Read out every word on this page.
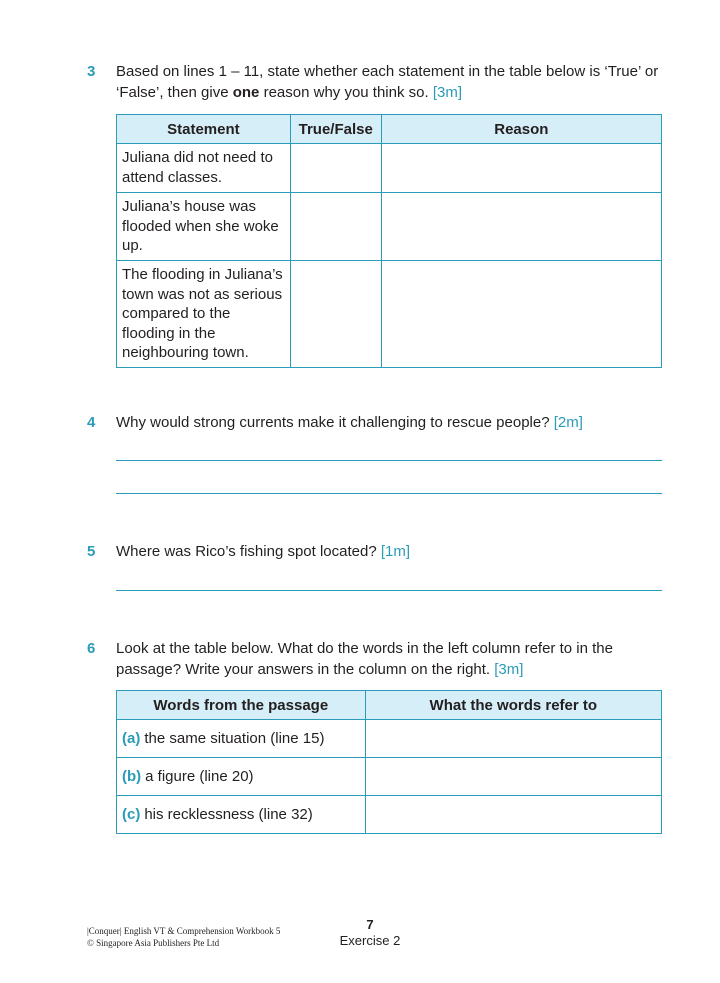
3 Based on lines 1 – 11, state whether each statement in the table below is ‘True’ or ‘False’, then give one reason why you think so. [3m]
Statement	True/False	Reason
Juliana did not need to attend classes.		
Juliana’s house was flooded when she woke up.		
The flooding in Juliana’s town was not as serious compared to the flooding in the neighbouring town.		
4 Why would strong currents make it challenging to rescue people? [2m]
5 Where was Rico’s fishing spot located? [1m]
6 Look at the table below. What do the words in the left column refer to in the passage? Write your answers in the column on the right. [3m]
Words from the passage	What the words refer to
(a) the same situation (line 15)	
(b) a figure (line 20)	
(c) his recklessness (line 32)	
|Conquer| English VT & Comprehension Workbook 5
© Singapore Asia Publishers Pte Ltd
7
Exercise 2
